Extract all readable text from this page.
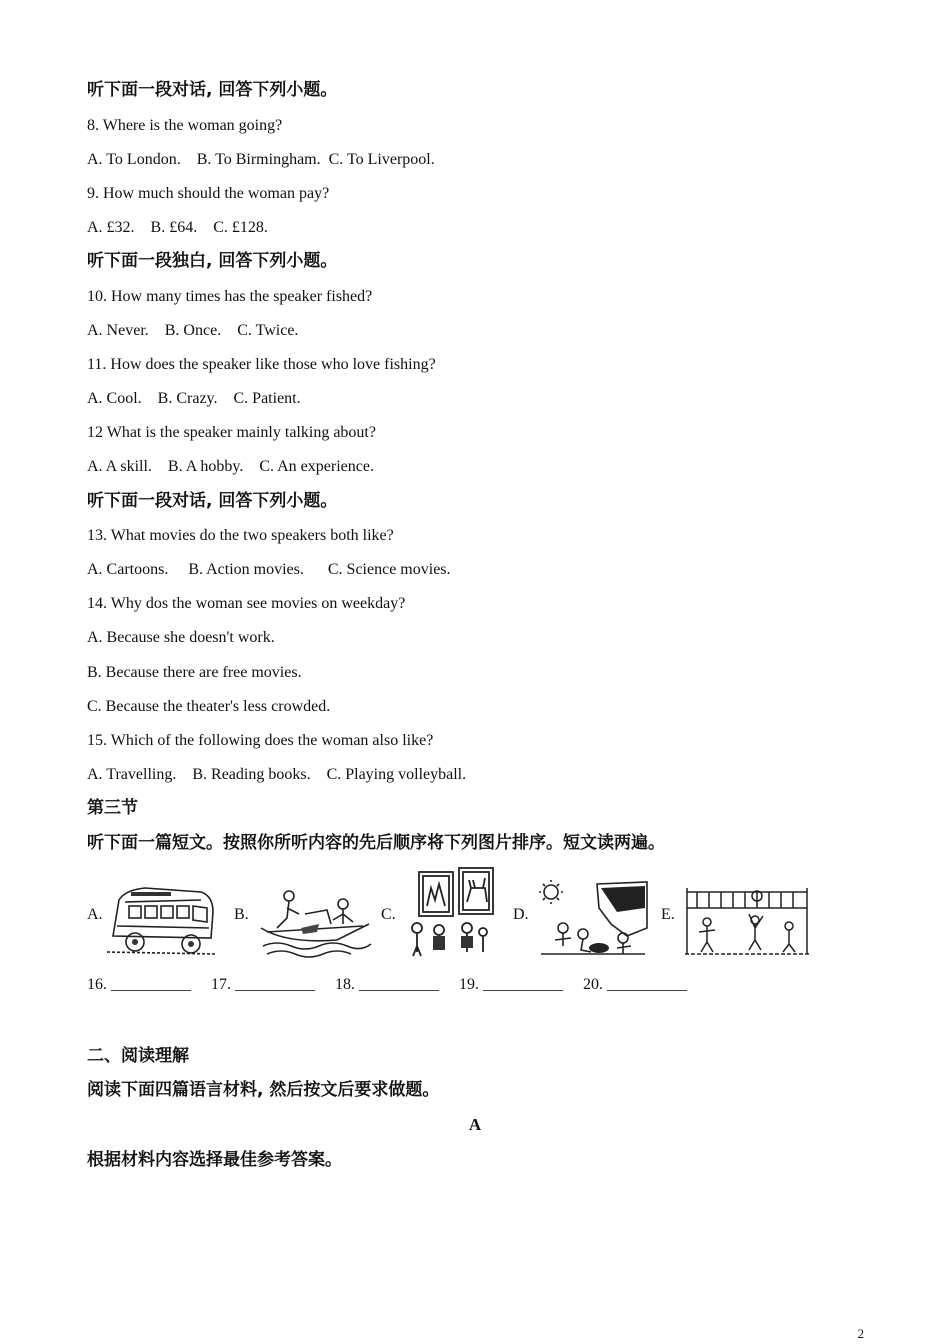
听下面一段对话, 回答下列小题。
8. Where is the woman going?
A. To London.    B. To Birmingham.  C. To Liverpool.
9. How much should the woman pay?
A. £32.    B. £64.    C. £128.
听下面一段独白, 回答下列小题。
10. How many times has the speaker fished?
A. Never.    B. Once.    C. Twice.
11. How does the speaker like those who love fishing?
A. Cool.    B. Crazy.    C. Patient.
12 What is the speaker mainly talking about?
A. A skill.    B. A hobby.    C. An experience.
听下面一段对话, 回答下列小题。
13. What movies do the two speakers both like?
A. Cartoons.     B. Action movies.      C. Science movies.
14. Why dos the woman see movies on weekday?
A. Because she doesn't work.
B. Because there are free movies.
C. Because the theater's less crowded.
15. Which of the following does the woman also like?
A. Travelling.    B. Reading books.    C. Playing volleyball.
第三节
听下面一篇短文。按照你所听内容的先后顺序将下列图片排序。短文读两遍。
A.	B.	C.	D.	E.
16. __________ 17. __________ 18. __________ 19. __________ 20. __________
二、阅读理解
阅读下面四篇语言材料, 然后按文后要求做题。
A
根据材料内容选择最佳参考答案。
2
